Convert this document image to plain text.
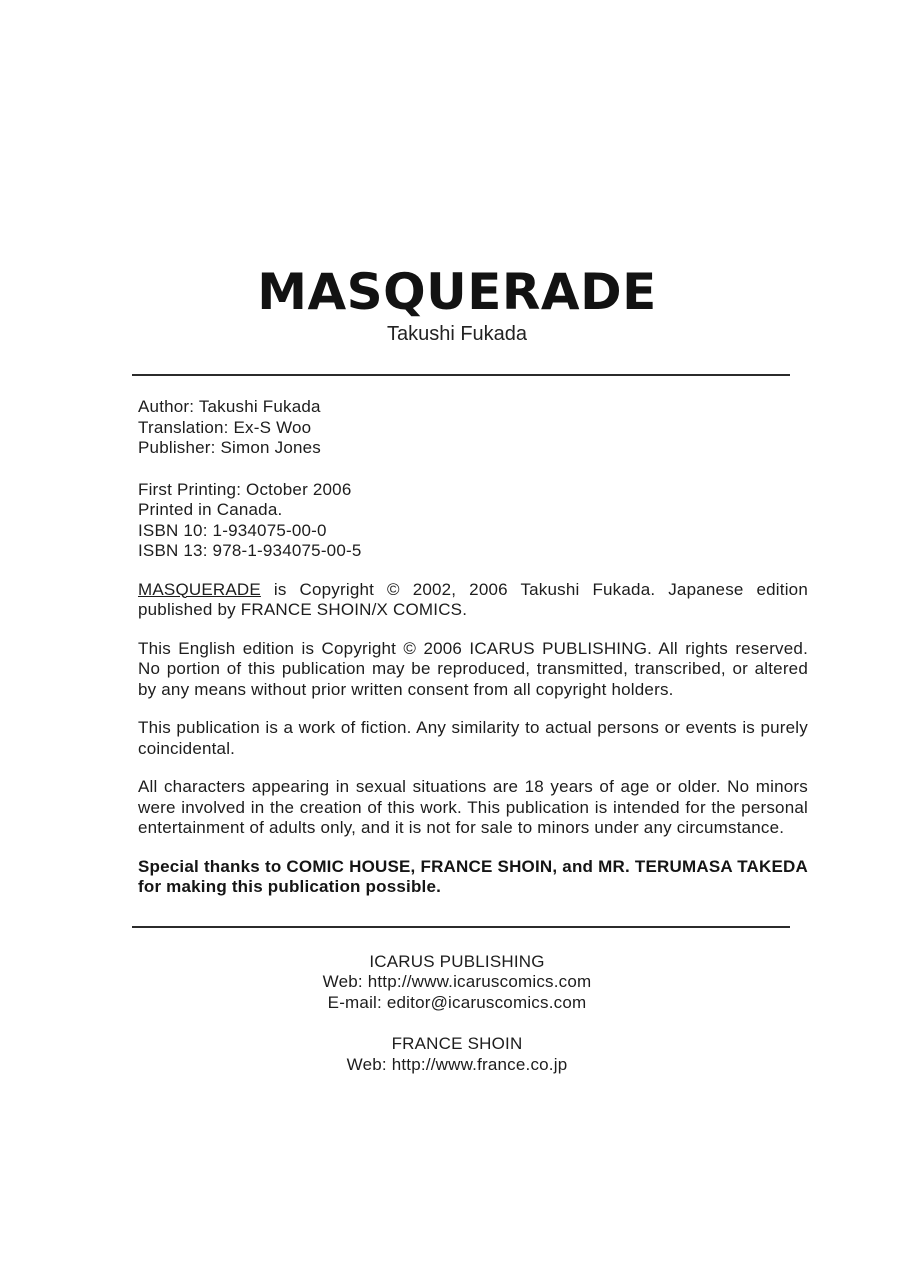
MASQUERADE
Takushi Fukada
Author: Takushi Fukada
Translation: Ex-S Woo
Publisher: Simon Jones
First Printing: October 2006
Printed in Canada.
ISBN 10: 1-934075-00-0
ISBN 13: 978-1-934075-00-5

MASQUERADE is Copyright © 2002, 2006 Takushi Fukada. Japanese edition published by FRANCE SHOIN/X COMICS.

This English edition is Copyright © 2006 ICARUS PUBLISHING. All rights reserved. No portion of this publication may be reproduced, transmitted, transcribed, or altered by any means without prior written consent from all copyright holders.

This publication is a work of fiction. Any similarity to actual persons or events is purely coincidental.

All characters appearing in sexual situations are 18 years of age or older. No minors were involved in the creation of this work. This publication is intended for the personal entertainment of adults only, and it is not for sale to minors under any circumstance.

Special thanks to COMIC HOUSE, FRANCE SHOIN, and MR. TERUMASA TAKEDA for making this publication possible.

ICARUS PUBLISHING
Web: http://www.icaruscomics.com
E-mail: editor@icaruscomics.com
FRANCE SHOIN
Web: http://www.france.co.jp
